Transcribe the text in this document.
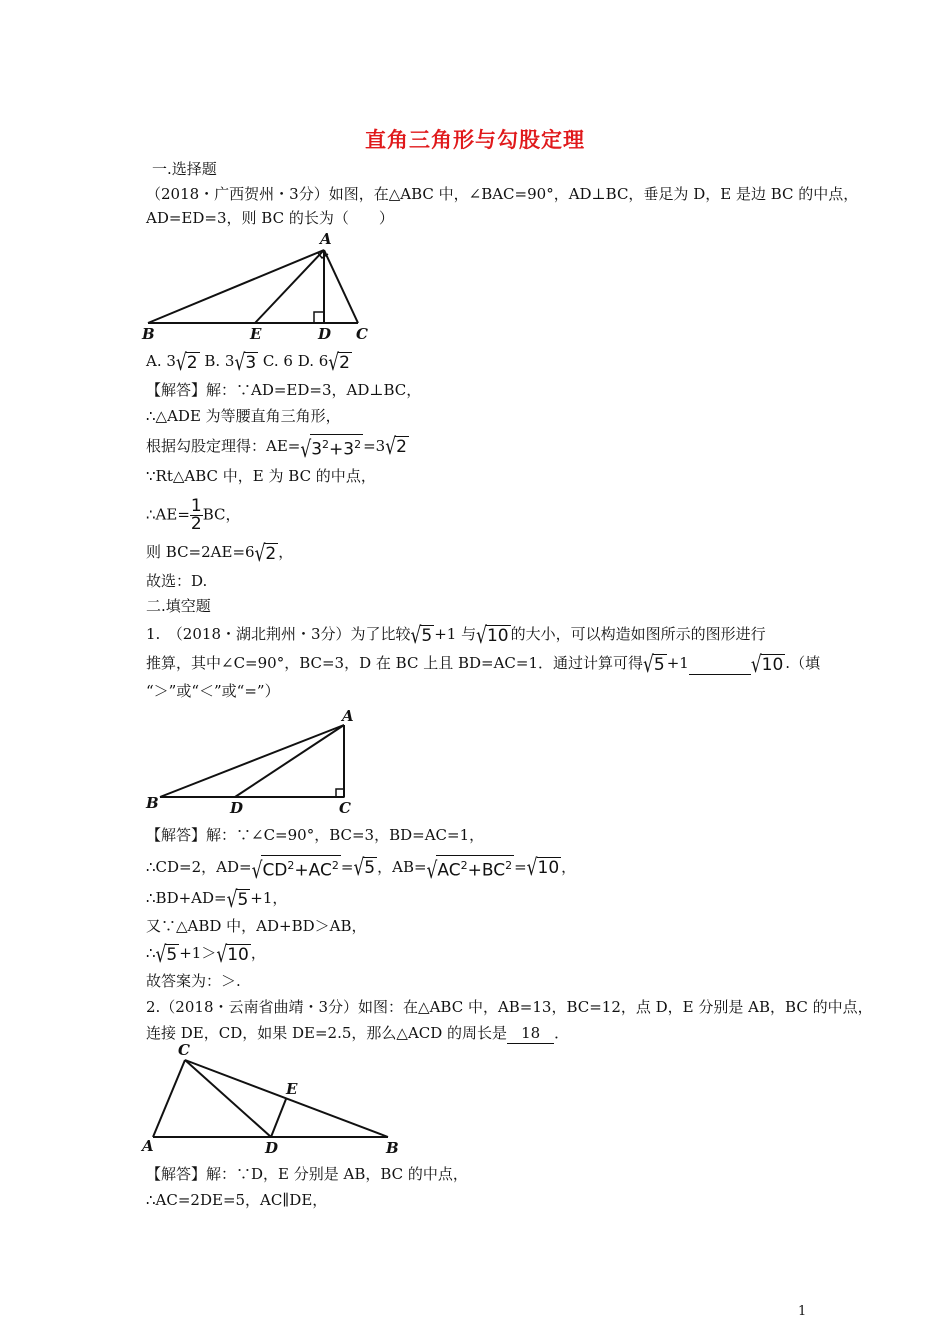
直角三角形与勾股定理
一.选择题
（2018・广西贺州・3分）如图，在△ABC 中，∠BAC=90°，AD⊥BC，垂足为 D，E 是边 BC 的中点，
AD=ED=3，则 BC 的长为（　　）
A
B	E	D C
A. 3√2 B. 3√3 C. 6 D. 6√2
【解答】解：∵AD=ED=3，AD⊥BC，
∴△ADE 为等腰直角三角形，
根据勾股定理得：$AE=√3^2+3^2 =3√2$
∵Rt△ABC 中，E 为 BC 的中点，
∴AE= $\frac{1}{2}$ BC，
则 BC=2AE=6√2 ，
故选：D.
二.填空题
1.　（2018・湖北荆州・3分）为了比较√5 +1 与√10 的大小，可以构造如图所示的图形进行
推算，其中∠C=90°，BC=3，D 在 BC 上且 BD=AC=1．通过计算可得√5 +1	√10 .（填
“＞”或“＜”或“=”）
A
B	D	C
【解答】解：∵∠C=90°，BC=3，BD=AC=1，
∴CD=2，$AD=√CD^2+AC^2 =√5$ ，$AB=√AC^2+BC^2 =√10$ ，
∴BD+AD=√5 +1，
又∵△ABD 中，AD+BD＞AB，
∴√5 +1＞√10 ，
故答案为：＞.
2.（2018・云南省曲靖・3分）如图：在△ABC 中，AB=13，BC=12，点 D，E 分别是 AB，BC 的中点，
连接 DE，CD，如果 DE=2.5，那么△ACD 的周长是 18 ．
C
E
A	D	B
【解答】解：∵D，E 分别是 AB，BC 的中点，
∴AC=2DE=5，AC∥DE，
1
